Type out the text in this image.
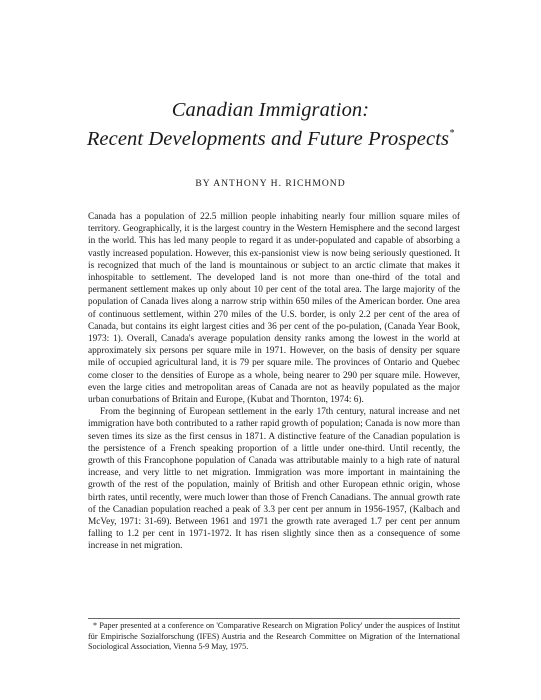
Canadian Immigration:
Recent Developments and Future Prospects*
BY ANTHONY H. RICHMOND

Canada has a population of 22.5 million people inhabiting nearly four million square miles of territory. Geographically, it is the largest country in the Western Hemisphere and the second largest in the world. This has led many people to regard it as under-populated and capable of absorbing a vastly increased population. However, this ex-pansionist view is now being seriously questioned. It is recognized that much of the land is mountainous or subject to an arctic climate that makes it inhospitable to settlement. The developed land is not more than one-third of the total and permanent settlement makes up only about 10 per cent of the total area. The large majority of the population of Canada lives along a narrow strip within 650 miles of the American border. One area of continuous settlement, within 270 miles of the U.S. border, is only 2.2 per cent of the area of Canada, but contains its eight largest cities and 36 per cent of the po-pulation, (Canada Year Book, 1973: 1). Overall, Canada's average population density ranks among the lowest in the world at approximately six persons per square mile in 1971. However, on the basis of density per square mile of occupied agricultural land, it is 79 per square mile. The provinces of Ontario and Quebec come closer to the densities of Europe as a whole, being nearer to 290 per square mile. However, even the large cities and metropolitan areas of Canada are not as heavily populated as the major urban conurbations of Britain and Europe, (Kubat and Thornton, 1974: 6).

From the beginning of European settlement in the early 17th century, natural increase and net immigration have both contributed to a rather rapid growth of population; Canada is now more than seven times its size as the first census in 1871. A distinctive feature of the Canadian population is the persistence of a French speaking proportion of a little under one-third. Until recently, the growth of this Francophone population of Canada was attributable mainly to a high rate of natural increase, and very little to net migration. Immigration was more important in maintaining the growth of the rest of the population, mainly of British and other European ethnic origin, whose birth rates, until recently, were much lower than those of French Canadians. The annual growth rate of the Canadian population reached a peak of 3.3 per cent per annum in 1956-1957, (Kalbach and McVey, 1971: 31-69). Between 1961 and 1971 the growth rate averaged 1.7 per cent per annum falling to 1.2 per cent in 1971-1972. It has risen slightly since then as a consequence of some increase in net migration.

* Paper presented at a conference on 'Comparative Research on Migration Policy' under the auspices of Institut für Empirische Sozialforschung (IFES) Austria and the Research Committee on Migration of the International Sociological Association, Vienna 5-9 May, 1975.
